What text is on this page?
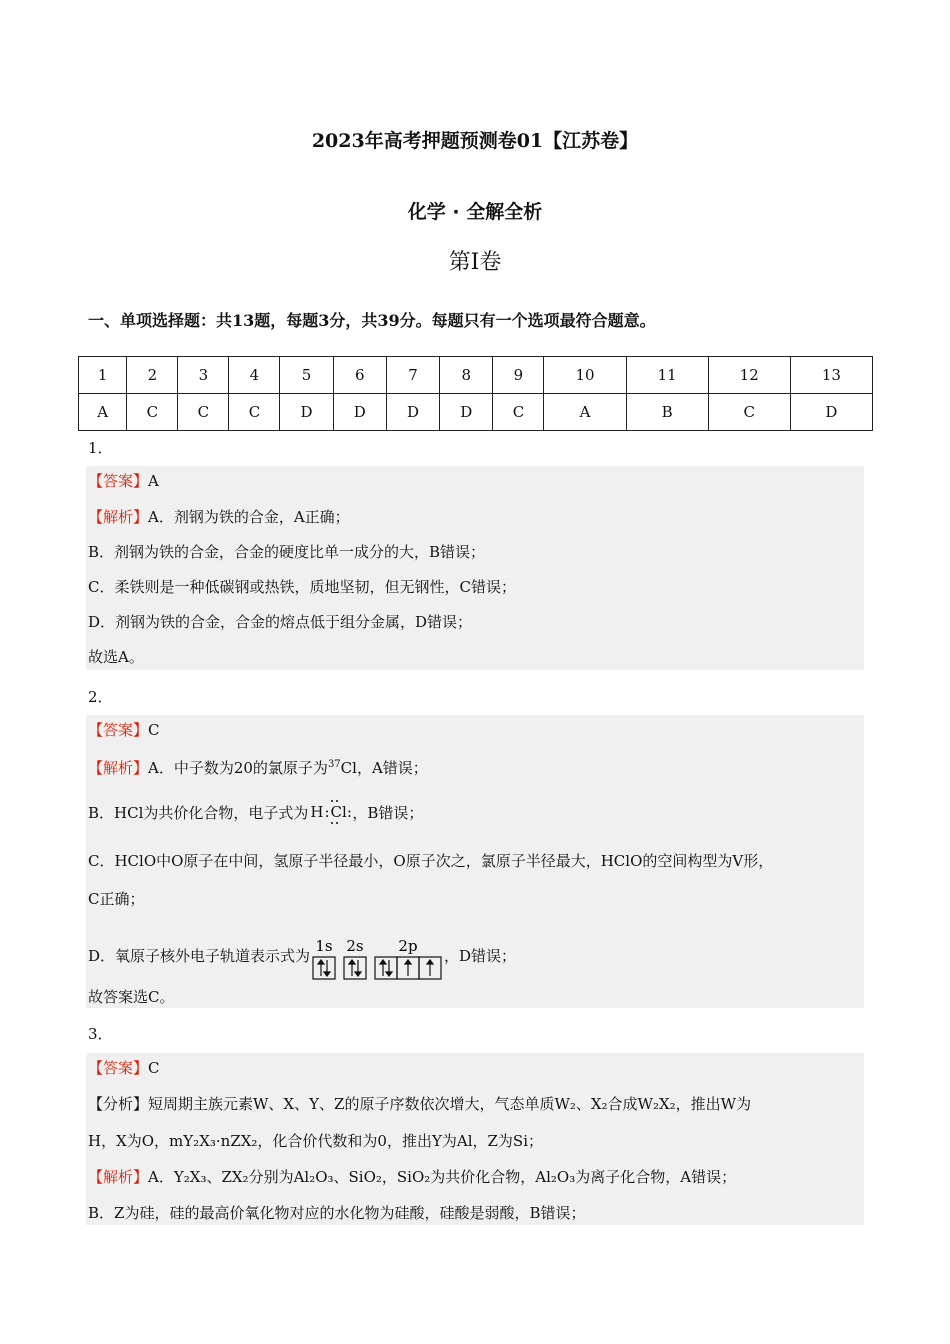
2023年高考押题预测卷01【江苏卷】
化学 · 全解全析
第Ⅰ卷
一、单项选择题：共13题，每题3分，共39分。每题只有一个选项最符合题意。
1	2	3	4	5	6	7	8	9	10	11	12	13
A	C	C	C	D	D	D	D	C	A	B	C	D
1．
【答案】A
【解析】A．剂钢为铁的合金，A正确；
B．剂钢为铁的合金，合金的硬度比单一成分的大，B错误；
C．柔铁则是一种低碳钢或热铁，质地坚韧，但无钢性，C错误；
D．剂钢为铁的合金，合金的熔点低于组分金属，D错误；
故选A。
2．
【答案】C
【解析】A．中子数为20的氯原子为$^{37}$Cl，A错误；
B．HCl为共价化合物，电子式为 H:Cl: ，B错误；
C．HClO中O原子在中间，氢原子半径最小，O原子次之，氯原子半径最大，HClO的空间构型为V形，
C正确；
D．氧原子核外电子轨道表示式为
1s 2s 2p
，D错误；
故答案选C。
3．
【答案】C
【分析】短周期主族元素W、X、Y、Z的原子序数依次增大，气态单质W₂、X₂合成W₂X₂，推出W为
H，X为O，mY₂X₃·nZX₂，化合价代数和为0，推出Y为Al，Z为Si；
【解析】A．Y₂X₃、ZX₂分别为Al₂O₃、SiO₂，SiO₂为共价化合物，Al₂O₃为离子化合物，A错误；
B．Z为硅，硅的最高价氧化物对应的水化物为硅酸，硅酸是弱酸，B错误；
